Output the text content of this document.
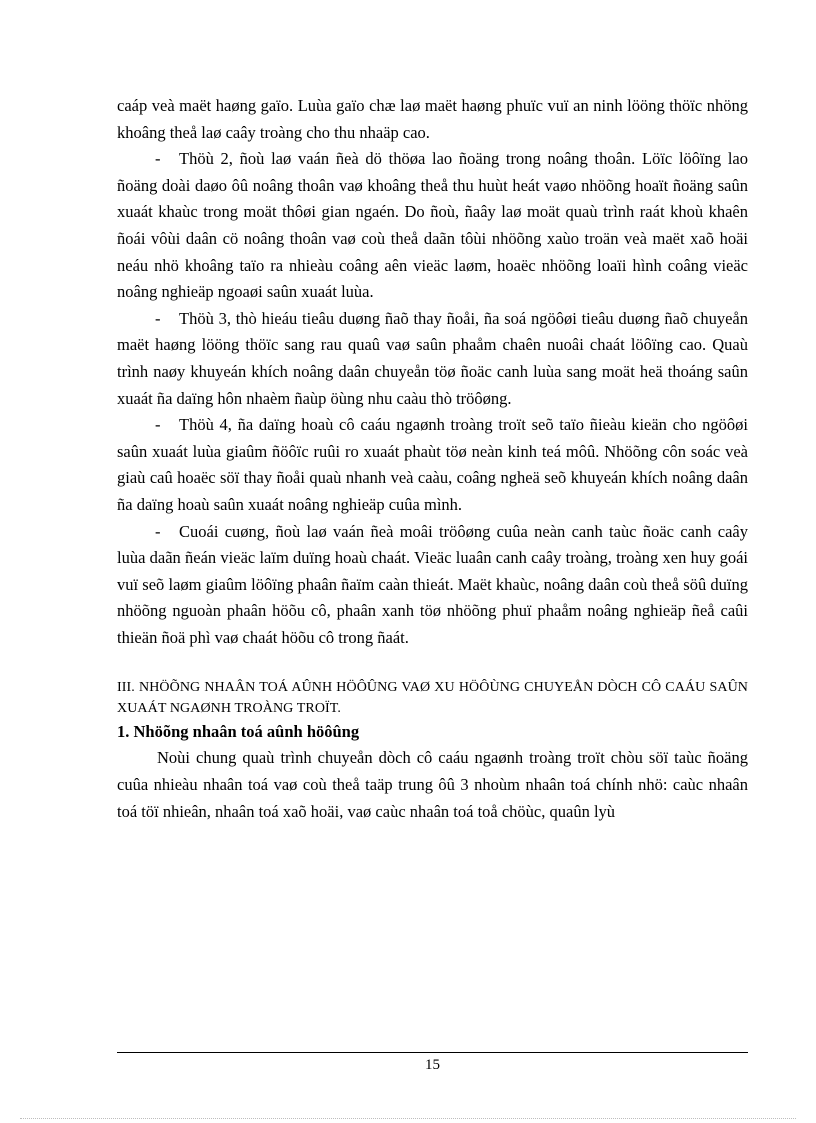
caáp veà maët haøng gaïo. Luùa gaïo chæ laø maët haøng phuïc vuï an ninh lööng thöïc nhöng khoâng theå laø caây troàng cho thu nhaäp cao.

- Thöù 2, ñoù laø vaán ñeà dö thöøa lao ñoäng trong noâng thoân. Löïc löôïng lao ñoäng doài daøo ôû noâng thoân vaø khoâng theå thu huùt heát vaøo nhöõng hoaït ñoäng saûn xuaát khaùc trong moät thôøi gian ngaén. Do ñoù, ñaây laø moät quaù trình raát khoù khaên ñoái vôùi daân cö noâng thoân vaø coù theå daãn tôùi nhöõng xaùo troän veà maët xaõ hoäi neáu nhö khoâng taïo ra nhieàu coâng aên vieäc laøm, hoaëc nhöõng loaïi hình coâng vieäc noâng nghieäp ngoaøi saûn xuaát luùa.

- Thöù 3, thò hieáu tieâu duøng ñaõ thay ñoåi, ña soá ngöôøi tieâu duøng ñaõ chuyeån maët haøng lööng thöïc sang rau quaû vaø saûn phaåm chaên nuoâi chaát löôïng cao. Quaù trình naøy khuyeán khích noâng daân chuyeån töø ñoäc canh luùa sang moät heä thoáng saûn xuaát ña daïng hôn nhaèm ñaùp öùng nhu caàu thò tröôøng.

- Thöù 4, ña daïng hoaù cô caáu ngaønh troàng troït seõ taïo ñieàu kieän cho ngöôøi saûn xuaát luùa giaûm ñöôïc ruûi ro xuaát phaùt töø neàn kinh teá môû. Nhöõng côn soác veà giaù caû hoaëc söï thay ñoåi quaù nhanh veà caàu, coâng ngheä seõ khuyeán khích noâng daân ña daïng hoaù saûn xuaát noâng nghieäp cuûa mình.

- Cuoái cuøng, ñoù laø vaán ñeà moâi tröôøng cuûa neàn canh taùc ñoäc canh caây luùa daãn ñeán vieäc laïm duïng hoaù chaát. Vieäc luaân canh caây troàng, troàng xen huy goái vuï seõ laøm giaûm löôïng phaân ñaïm caàn thieát. Maët khaùc, noâng daân coù theå söû duïng nhöõng nguoàn phaân höõu cô, phaân xanh töø nhöõng phuï phaåm noâng nghieäp ñeå caûi thieän ñoä phì vaø chaát höõu cô trong ñaát.

III. NHÖÕNG NHAÂN TOÁ AÛNH HÖÔÛNG VAØ XU HÖÔÙNG CHUYEÅN DÒCH CÔ CAÁU SAÛN XUAÁT NGAØNH TROÀNG TROÏT.

1. Nhöõng nhaân toá aûnh höôûng

Noùi chung quaù trình chuyeån dòch cô caáu ngaønh troàng troït chòu söï taùc ñoäng cuûa nhieàu nhaân toá vaø coù theå taäp trung ôû 3 nhoùm nhaân toá chính nhö: caùc nhaân toá töï nhieân, nhaân toá xaõ hoäi, vaø caùc nhaân toá toå chöùc, quaûn lyù

15
